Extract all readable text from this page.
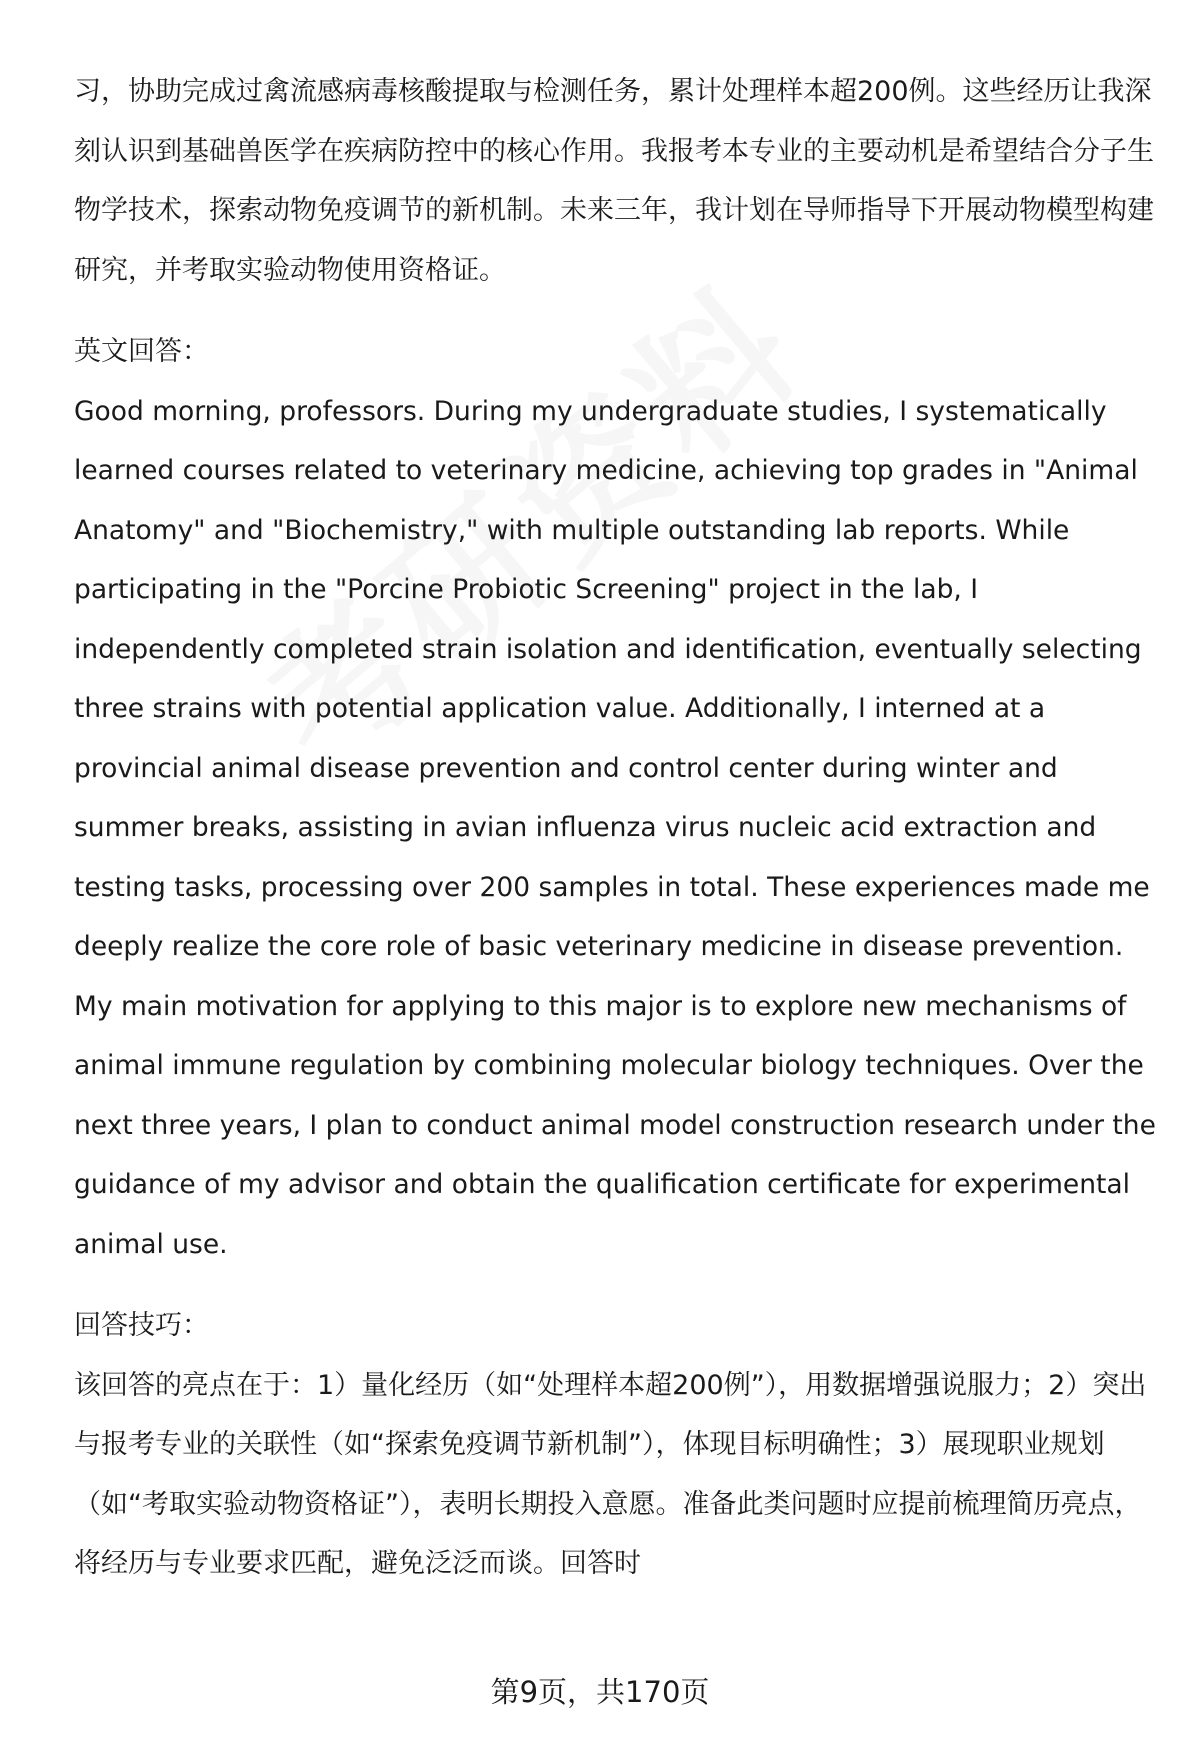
习，协助完成过禽流感病毒核酸提取与检测任务，累计处理样本超200例。这些经历让我深刻认识到基础兽医学在疾病防控中的核心作用。我报考本专业的主要动机是希望结合分子生物学技术，探索动物免疫调节的新机制。未来三年，我计划在导师指导下开展动物模型构建研究，并考取实验动物使用资格证。

英文回答：

Good morning, professors. During my undergraduate studies, I systematically learned courses related to veterinary medicine, achieving top grades in "Animal Anatomy" and "Biochemistry," with multiple outstanding lab reports. While participating in the "Porcine Probiotic Screening" project in the lab, I independently completed strain isolation and identification, eventually selecting three strains with potential application value. Additionally, I interned at a provincial animal disease prevention and control center during winter and summer breaks, assisting in avian influenza virus nucleic acid extraction and testing tasks, processing over 200 samples in total. These experiences made me deeply realize the core role of basic veterinary medicine in disease prevention. My main motivation for applying to this major is to explore new mechanisms of animal immune regulation by combining molecular biology techniques. Over the next three years, I plan to conduct animal model construction research under the guidance of my advisor and obtain the qualification certificate for experimental animal use.

回答技巧：

该回答的亮点在于：1）量化经历（如“处理样本超200例”），用数据增强说服力；2）突出与报考专业的关联性（如“探索免疫调节新机制”），体现目标明确性；3）展现职业规划（如“考取实验动物资格证”），表明长期投入意愿。准备此类问题时应提前梳理简历亮点，将经历与专业要求匹配，避免泛泛而谈。回答时

第9页，共170页
